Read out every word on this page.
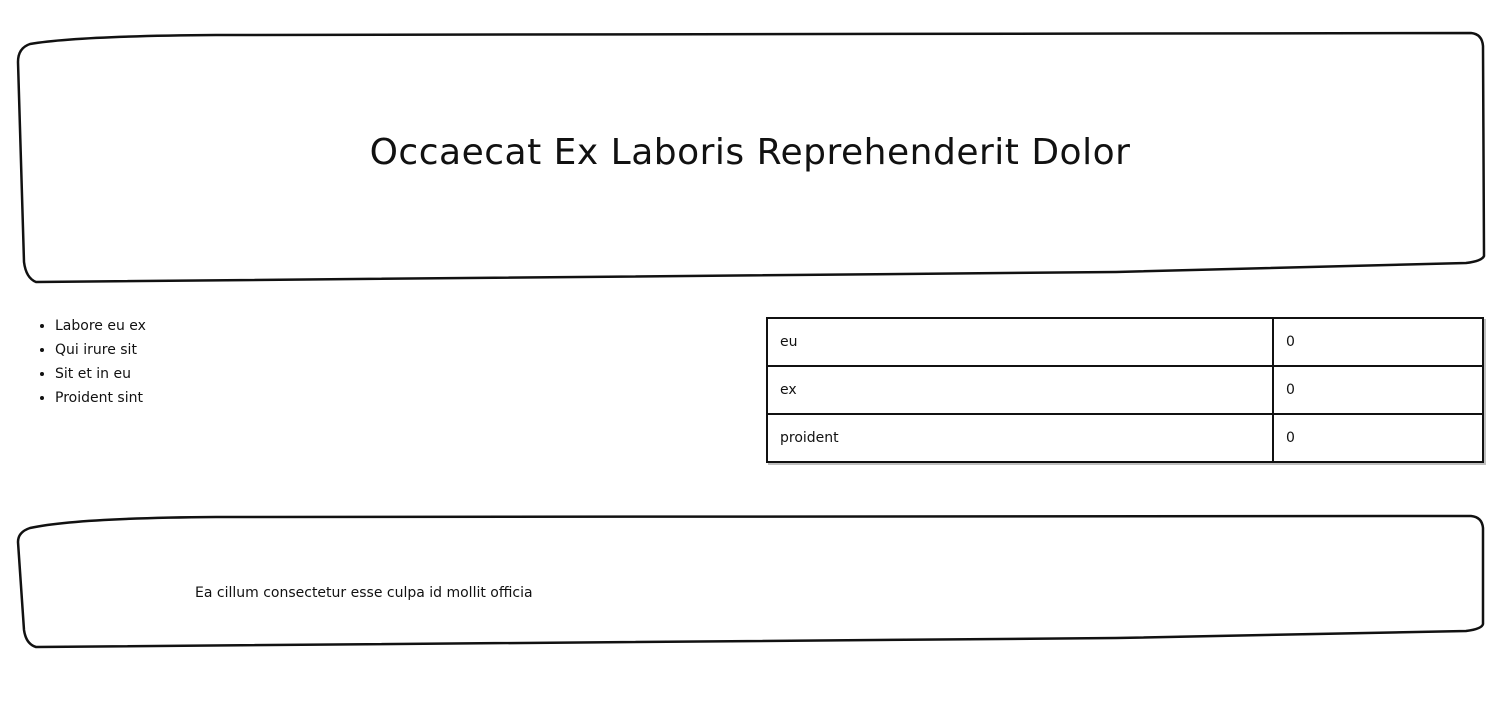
Occaecat Ex Laboris Reprehenderit Dolor
• Labore eu ex
• Qui irure sit
• Sit et in eu
• Proident sint
eu	0
ex	0
proident	0

Ea cillum consectetur esse culpa id mollit officia
